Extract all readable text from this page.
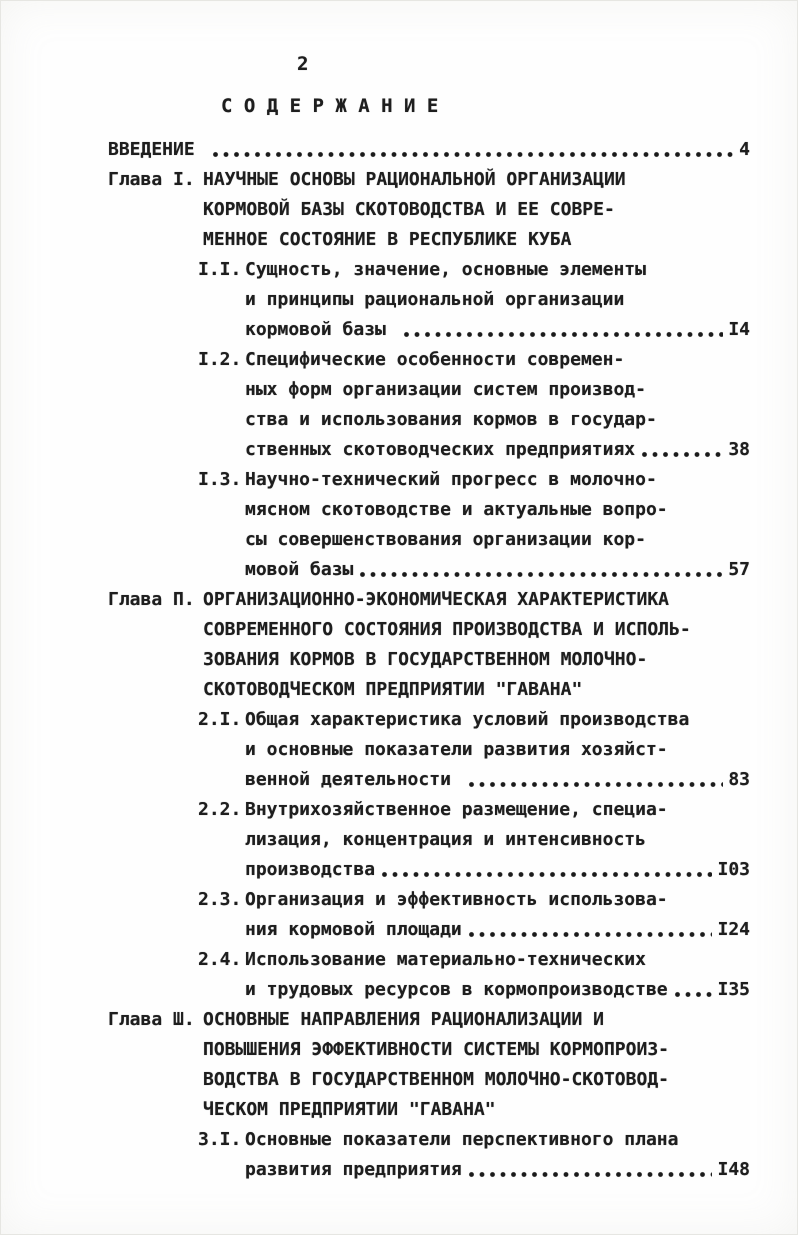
2
С О Д Е Р Ж А Н И Е
ВВЕДЕНИЕ	4
Глава I. НАУЧНЫЕ ОСНОВЫ РАЦИОНАЛЬНОЙ ОРГАНИЗАЦИИ
КОРМОВОЙ БАЗЫ СКОТОВОДСТВА И ЕЕ СОВРЕ-
МЕННОЕ СОСТОЯНИЕ В РЕСПУБЛИКЕ КУБА
I.I. Сущность, значение, основные элементы
и принципы рациональной организации
кормовой базы	I4
I.2. Специфические особенности современ-
ных форм организации систем производ-
ства и использования кормов в государ-
ственных скотоводческих предприятиях	38
I.3. Научно-технический прогресс в молочно-
мясном скотоводстве и актуальные вопро-
сы совершенствования организации кор-
мовой базы	57
Глава П. ОРГАНИЗАЦИОННО-ЭКОНОМИЧЕСКАЯ ХАРАКТЕРИСТИКА
СОВРЕМЕННОГО СОСТОЯНИЯ ПРОИЗВОДСТВА И ИСПОЛЬ-
ЗОВАНИЯ КОРМОВ В ГОСУДАРСТВЕННОМ МОЛОЧНО-
СКОТОВОДЧЕСКОМ ПРЕДПРИЯТИИ "ГАВАНА"
2.I. Общая характеристика условий производства
и основные показатели развития хозяйст-
венной деятельности	83
2.2. Внутрихозяйственное размещение, специа-
лизация, концентрация и интенсивность
производства	I03
2.3. Организация и эффективность использова-
ния кормовой площади	I24
2.4. Использование материально-технических
и трудовых ресурсов в кормопроизводстве	I35
Глава Ш. ОСНОВНЫЕ НАПРАВЛЕНИЯ РАЦИОНАЛИЗАЦИИ И
ПОВЫШЕНИЯ ЭФФЕКТИВНОСТИ СИСТЕМЫ КОРМОПРОИЗ-
ВОДСТВА В ГОСУДАРСТВЕННОМ МОЛОЧНО-СКОТОВОД-
ЧЕСКОМ ПРЕДПРИЯТИИ "ГАВАНА"
3.I. Основные показатели перспективного плана
развития предприятия	I48
